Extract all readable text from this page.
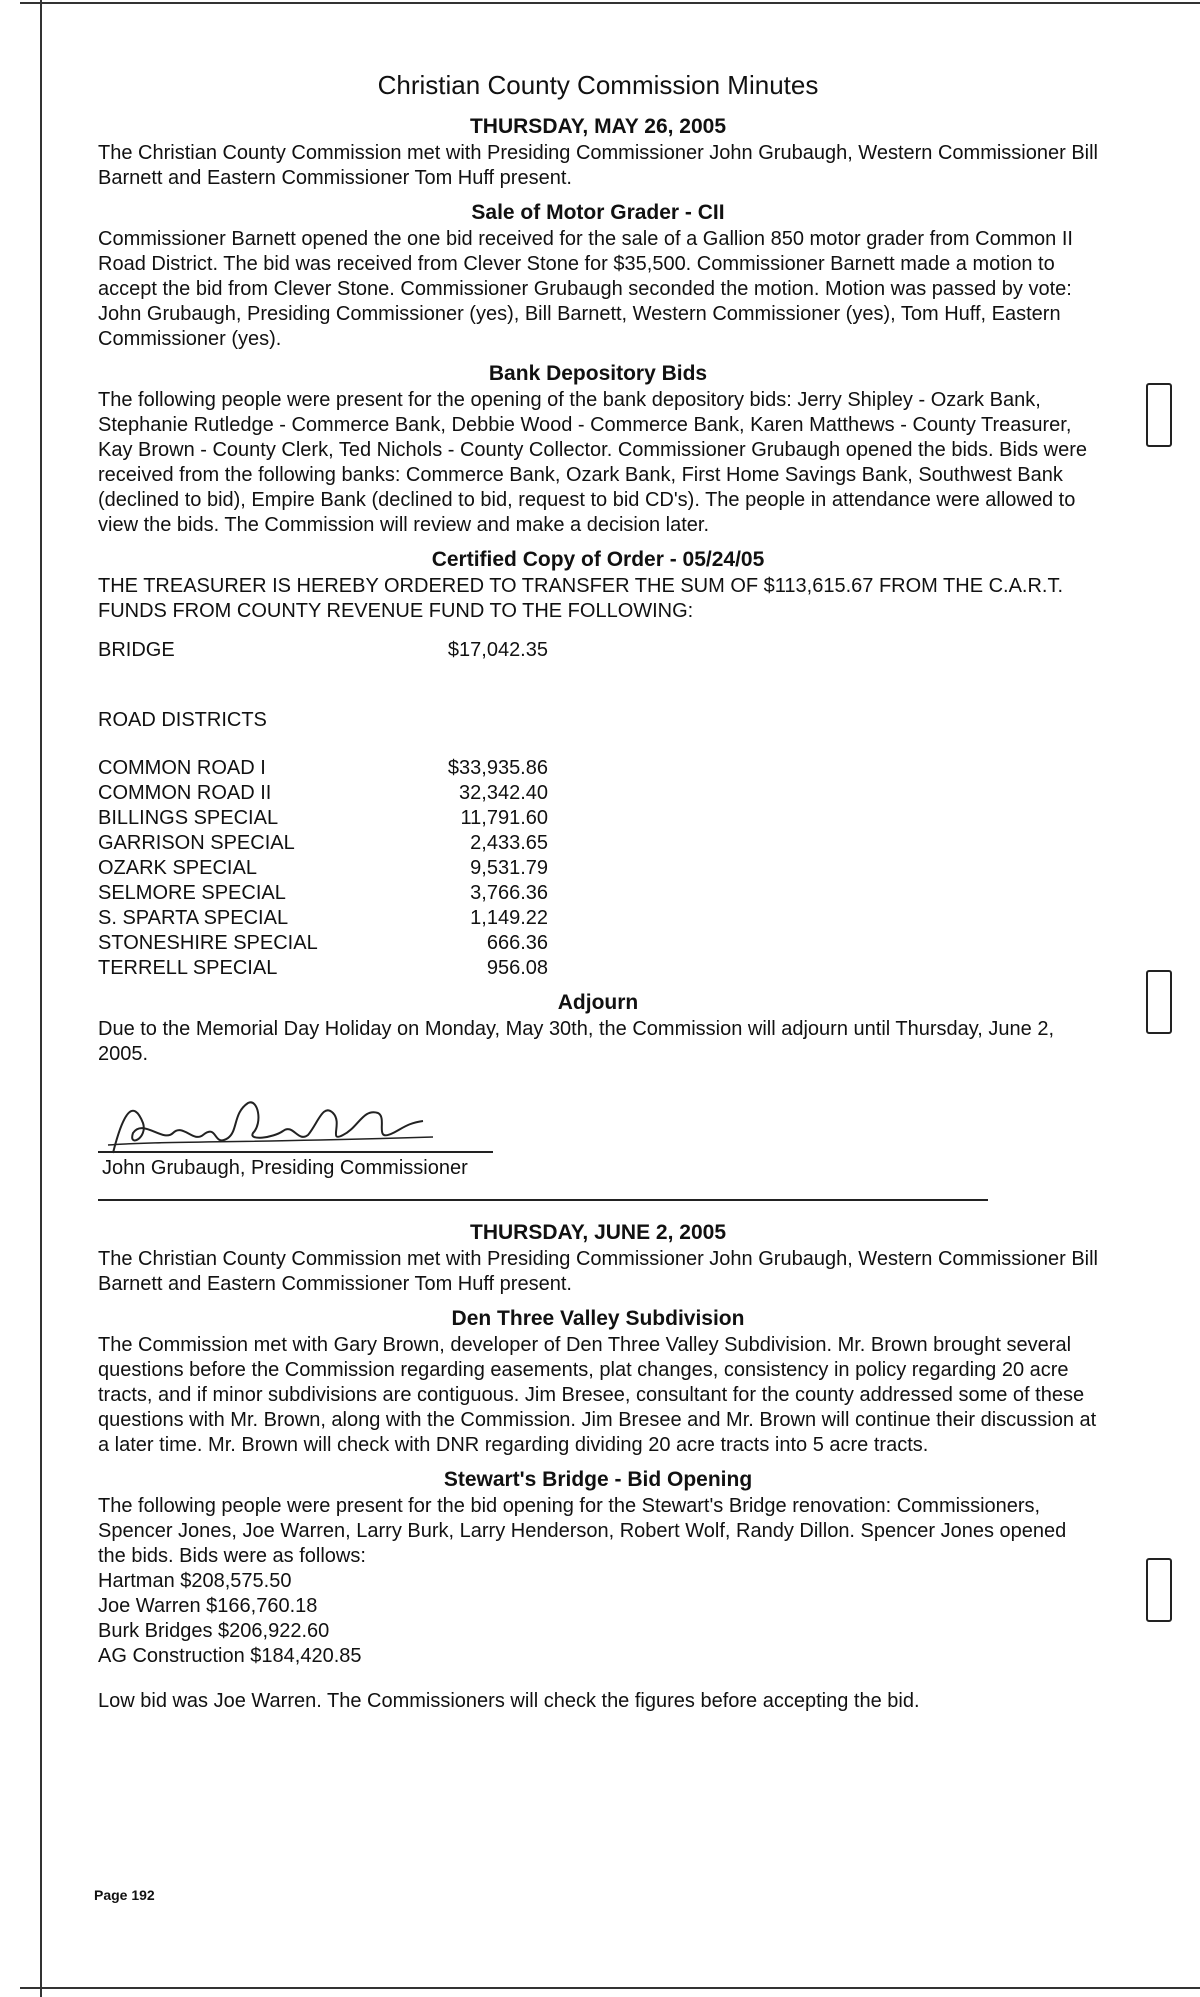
Christian County Commission Minutes
THURSDAY, MAY 26, 2005

The Christian County Commission met with Presiding Commissioner John Grubaugh, Western Commissioner Bill Barnett and Eastern Commissioner Tom Huff present.

Sale of Motor Grader - CII

Commissioner Barnett opened the one bid received for the sale of a Gallion 850 motor grader from Common II Road District. The bid was received from Clever Stone for $35,500. Commissioner Barnett made a motion to accept the bid from Clever Stone. Commissioner Grubaugh seconded the motion. Motion was passed by vote: John Grubaugh, Presiding Commissioner (yes), Bill Barnett, Western Commissioner (yes), Tom Huff, Eastern Commissioner (yes).

Bank Depository Bids

The following people were present for the opening of the bank depository bids: Jerry Shipley - Ozark Bank, Stephanie Rutledge - Commerce Bank, Debbie Wood - Commerce Bank, Karen Matthews - County Treasurer, Kay Brown - County Clerk, Ted Nichols - County Collector. Commissioner Grubaugh opened the bids. Bids were received from the following banks: Commerce Bank, Ozark Bank, First Home Savings Bank, Southwest Bank (declined to bid), Empire Bank (declined to bid, request to bid CD's). The people in attendance were allowed to view the bids. The Commission will review and make a decision later.

Certified Copy of Order - 05/24/05

THE TREASURER IS HEREBY ORDERED TO TRANSFER THE SUM OF $113,615.67 FROM THE C.A.R.T. FUNDS FROM COUNTY REVENUE FUND TO THE FOLLOWING:

BRIDGE	$17,042.35
ROAD DISTRICTS
COMMON ROAD I	$33,935.86
COMMON ROAD II	32,342.40
BILLINGS SPECIAL	11,791.60
GARRISON SPECIAL	2,433.65
OZARK SPECIAL	9,531.79
SELMORE SPECIAL	3,766.36
S. SPARTA SPECIAL	1,149.22
STONESHIRE SPECIAL	666.36
TERRELL SPECIAL	956.08
Adjourn

Due to the Memorial Day Holiday on Monday, May 30th, the Commission will adjourn until Thursday, June 2, 2005.

John Grubaugh, Presiding Commissioner
THURSDAY, JUNE 2, 2005

The Christian County Commission met with Presiding Commissioner John Grubaugh, Western Commissioner Bill Barnett and Eastern Commissioner Tom Huff present.

Den Three Valley Subdivision

The Commission met with Gary Brown, developer of Den Three Valley Subdivision. Mr. Brown brought several questions before the Commission regarding easements, plat changes, consistency in policy regarding 20 acre tracts, and if minor subdivisions are contiguous. Jim Bresee, consultant for the county addressed some of these questions with Mr. Brown, along with the Commission. Jim Bresee and Mr. Brown will continue their discussion at a later time. Mr. Brown will check with DNR regarding dividing 20 acre tracts into 5 acre tracts.

Stewart's Bridge - Bid Opening

The following people were present for the bid opening for the Stewart's Bridge renovation: Commissioners, Spencer Jones, Joe Warren, Larry Burk, Larry Henderson, Robert Wolf, Randy Dillon. Spencer Jones opened the bids. Bids were as follows:

Hartman $208,575.50

Joe Warren $166,760.18

Burk Bridges $206,922.60

AG Construction $184,420.85

Low bid was Joe Warren. The Commissioners will check the figures before accepting the bid.

Page 192
